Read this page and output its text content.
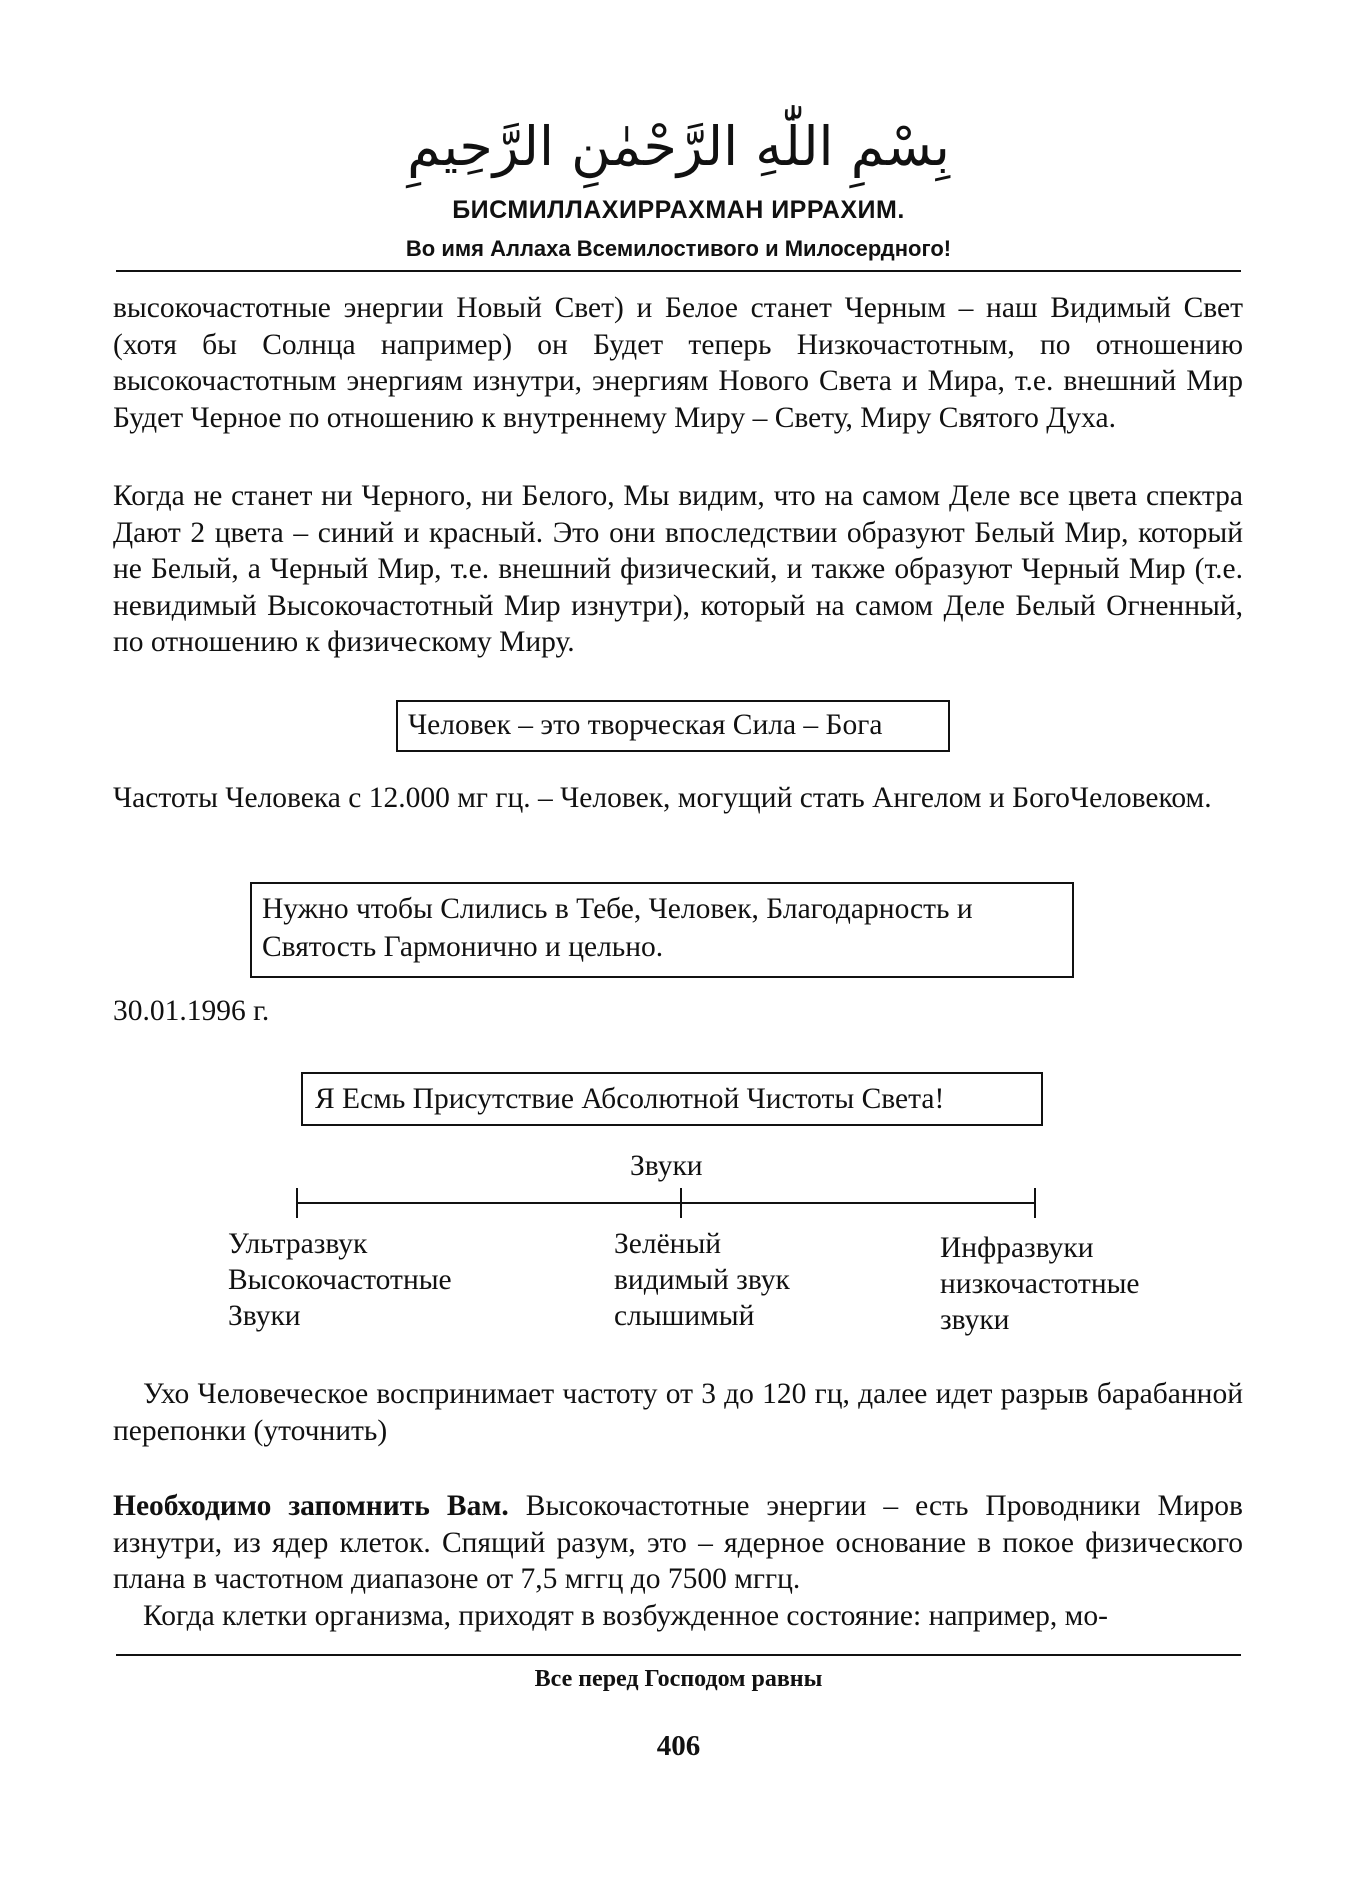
بِسْمِ اللّٰهِ الرَّحْمٰنِ الرَّحِيمِ
БИСМИЛЛАХИРРАХМАН ИРРАХИМ.
Во имя Аллаха Всемилостивого и Милосердного!

высокочастотные энергии Новый Свет) и Белое станет Черным – наш Видимый Свет (хотя бы Солнца например) он Будет теперь Низкочастотным, по отношению высокочастотным энергиям изнутри, энергиям Нового Света и Мира, т.е. внешний Мир Будет Черное по отношению к внутреннему Миру – Свету, Миру Святого Духа.

Когда не станет ни Черного, ни Белого, Мы видим, что на самом Деле все цвета спектра Дают 2 цвета – синий и красный. Это они впоследствии образуют Белый Мир, который не Белый, а Черный Мир, т.е. внешний физический, и также образуют Черный Мир (т.е. невидимый Высокочастотный Мир изнутри), который на самом Деле Белый Огненный, по отношению к физическому Миру.

Человек – это творческая Сила – Бога

Частоты Человека с 12.000 мг гц. – Человек, могущий стать Ангелом и БогоЧеловеком.

Нужно чтобы Слились в Тебе, Человек, Благодарность и Святость Гармонично и цельно.
30.01.1996 г.
Я Есмь Присутствие Абсолютной Чистоты Света!
Звуки
Ультразвук
Высокочастотные
Звуки
Зелёный
видимый звук
слышимый
Инфразвуки
низкочастотные
звуки

Ухо Человеческое воспринимает частоту от 3 до 120 гц, далее идет разрыв барабанной перепонки (уточнить)

Необходимо запомнить Вам. Высокочастотные энергии – есть Проводники Миров изнутри, из ядер клеток. Спящий разум, это – ядерное основание в покое физического плана в частотном диапазоне от 7,5 мггц до 7500 мггц.

Когда клетки организма, приходят в возбужденное состояние: например, мо-

Все перед Господом равны
406
